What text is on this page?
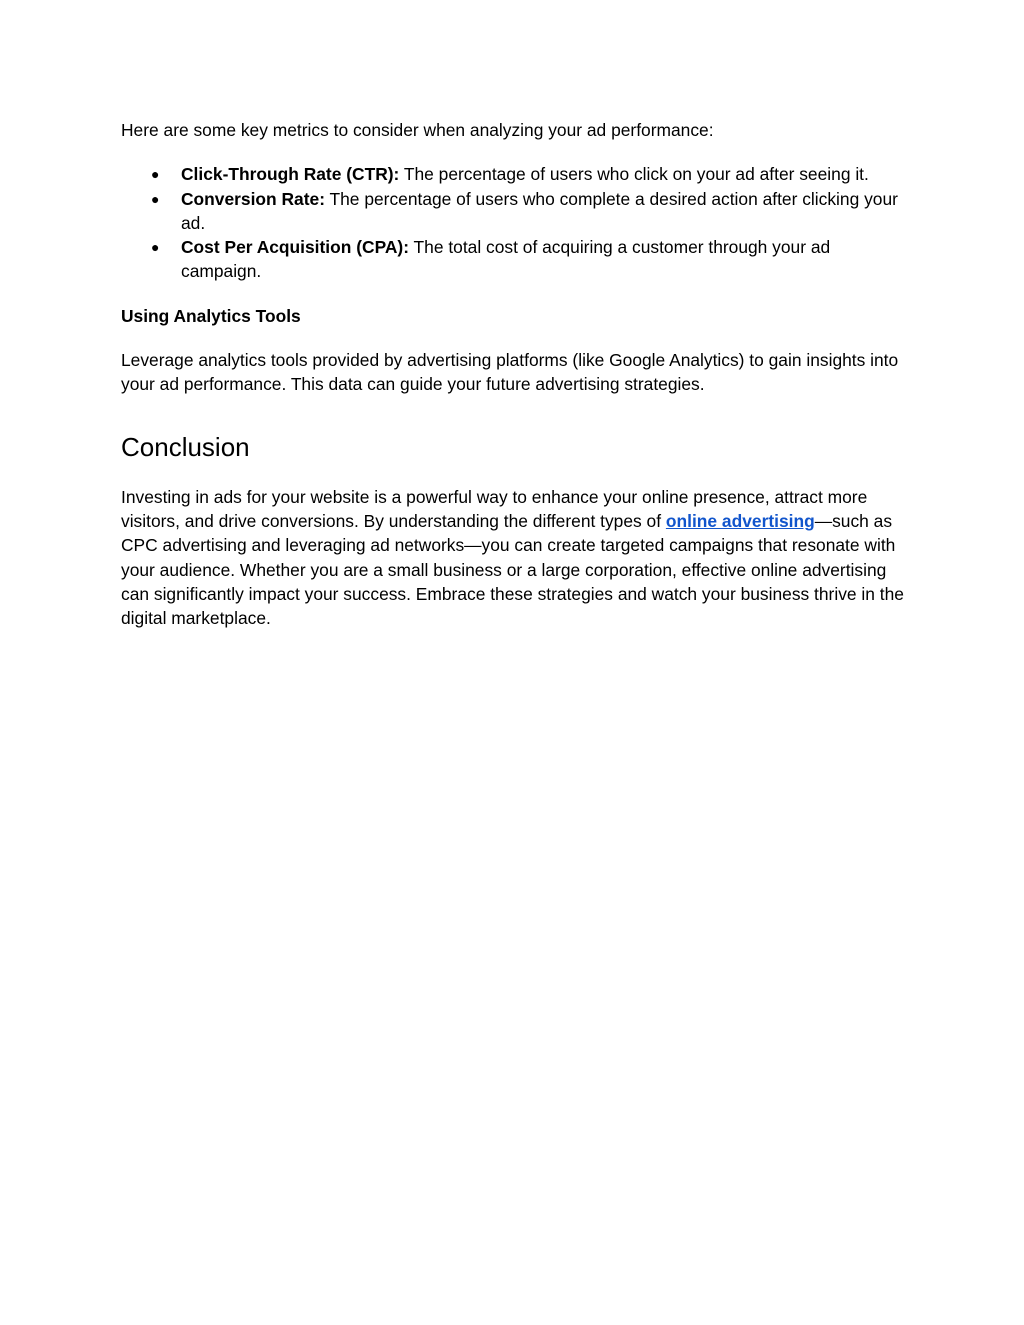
Here are some key metrics to consider when analyzing your ad performance:

● Click-Through Rate (CTR): The percentage of users who click on your ad after seeing it.
● Conversion Rate: The percentage of users who complete a desired action after clicking your ad.
● Cost Per Acquisition (CPA): The total cost of acquiring a customer through your ad campaign.

Using Analytics Tools

Leverage analytics tools provided by advertising platforms (like Google Analytics) to gain insights into your ad performance. This data can guide your future advertising strategies.

Conclusion

Investing in ads for your website is a powerful way to enhance your online presence, attract more visitors, and drive conversions. By understanding the different types of online advertising—such as CPC advertising and leveraging ad networks—you can create targeted campaigns that resonate with your audience. Whether you are a small business or a large corporation, effective online advertising can significantly impact your success. Embrace these strategies and watch your business thrive in the digital marketplace.
